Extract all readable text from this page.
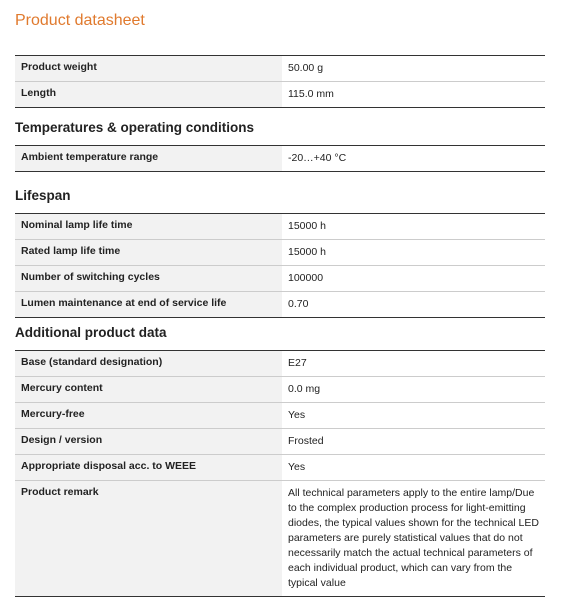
Product datasheet
Product weight	50.00 g
Length	115.0 mm
Temperatures & operating conditions
Ambient temperature range	-20…+40 °C
Lifespan
Nominal lamp life time	15000 h
Rated lamp life time	15000 h
Number of switching cycles	100000
Lumen maintenance at end of service life	0.70
Additional product data
Base (standard designation)	E27
Mercury content	0.0 mg
Mercury-free	Yes
Design / version	Frosted
Appropriate disposal acc. to WEEE	Yes
Product remark	All technical parameters apply to the entire lamp/Due to the complex production process for light-emitting diodes, the typical values shown for the technical LED parameters are purely statistical values that do not necessarily match the actual technical parameters of each individual product, which can vary from the typical value
